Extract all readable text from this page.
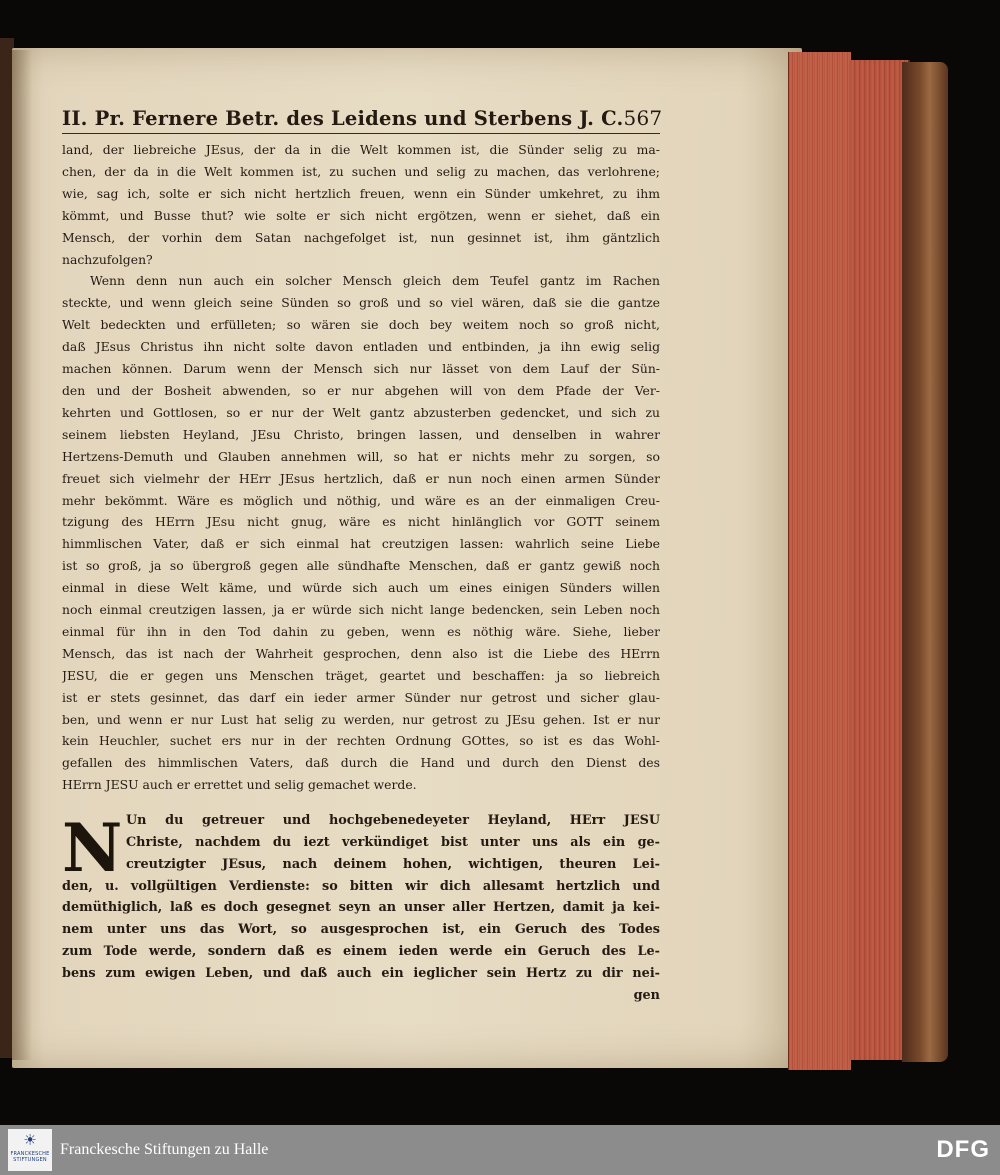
II. Pr. Fernere Betr. des Leidens und Sterbens J. C. 567
land, der liebreiche JEsus, der da in die Welt kommen ist, die Sünder selig zu ma-
chen, der da in die Welt kommen ist, zu suchen und selig zu machen, das verlohrene;
wie, sag ich, solte er sich nicht hertzlich freuen, wenn ein Sünder umkehret, zu ihm
kömmt, und Busse thut? wie solte er sich nicht ergötzen, wenn er siehet, daß ein
Mensch, der vorhin dem Satan nachgefolget ist, nun gesinnet ist, ihm gäntzlich
nachzufolgen?
Wenn denn nun auch ein solcher Mensch gleich dem Teufel gantz im Rachen
steckte, und wenn gleich seine Sünden so groß und so viel wären, daß sie die gantze
Welt bedeckten und erfülleten; so wären sie doch bey weitem noch so groß nicht,
daß JEsus Christus ihn nicht solte davon entladen und entbinden, ja ihn ewig selig
machen können. Darum wenn der Mensch sich nur lässet von dem Lauf der Sün-
den und der Bosheit abwenden, so er nur abgehen will von dem Pfade der Ver-
kehrten und Gottlosen, so er nur der Welt gantz abzusterben gedencket, und sich zu
seinem liebsten Heyland, JEsu Christo, bringen lassen, und denselben in wahrer
Hertzens-Demuth und Glauben annehmen will, so hat er nichts mehr zu sorgen, so
freuet sich vielmehr der HErr JEsus hertzlich, daß er nun noch einen armen Sünder
mehr bekömmt. Wäre es möglich und nöthig, und wäre es an der einmaligen Creu-
tzigung des HErrn JEsu nicht gnug, wäre es nicht hinlänglich vor GOTT seinem
himmlischen Vater, daß er sich einmal hat creutzigen lassen: wahrlich seine Liebe
ist so groß, ja so übergroß gegen alle sündhafte Menschen, daß er gantz gewiß noch
einmal in diese Welt käme, und würde sich auch um eines einigen Sünders willen
noch einmal creutzigen lassen, ja er würde sich nicht lange bedencken, sein Leben noch
einmal für ihn in den Tod dahin zu geben, wenn es nöthig wäre. Siehe, lieber
Mensch, das ist nach der Wahrheit gesprochen, denn also ist die Liebe des HErrn
JESU, die er gegen uns Menschen träget, geartet und beschaffen: ja so liebreich
ist er stets gesinnet, das darf ein ieder armer Sünder nur getrost und sicher glau-
ben, und wenn er nur Lust hat selig zu werden, nur getrost zu JEsu gehen. Ist er nur
kein Heuchler, suchet ers nur in der rechten Ordnung GOttes, so ist es das Wohl-
gefallen des himmlischen Vaters, daß durch die Hand und durch den Dienst des
HErrn JESU auch er errettet und selig gemachet werde.
N Un du getreuer und hochgebenedeyeter Heyland, HErr JESU
Christe, nachdem du iezt verkündiget bist unter uns als ein ge-
creutzigter JEsus, nach deinem hohen, wichtigen, theuren Lei-
den, u. vollgültigen Verdienste: so bitten wir dich allesamt hertzlich und
demüthiglich, laß es doch gesegnet seyn an unser aller Hertzen, damit ja kei-
nem unter uns das Wort, so ausgesprochen ist, ein Geruch des Todes
zum Tode werde, sondern daß es einem ieden werde ein Geruch des Le-
bens zum ewigen Leben, und daß auch ein ieglicher sein Hertz zu dir nei-
gen
☀
FRANCKESCHE STIFTUNGEN
Franckesche Stiftungen zu Halle	DFG
